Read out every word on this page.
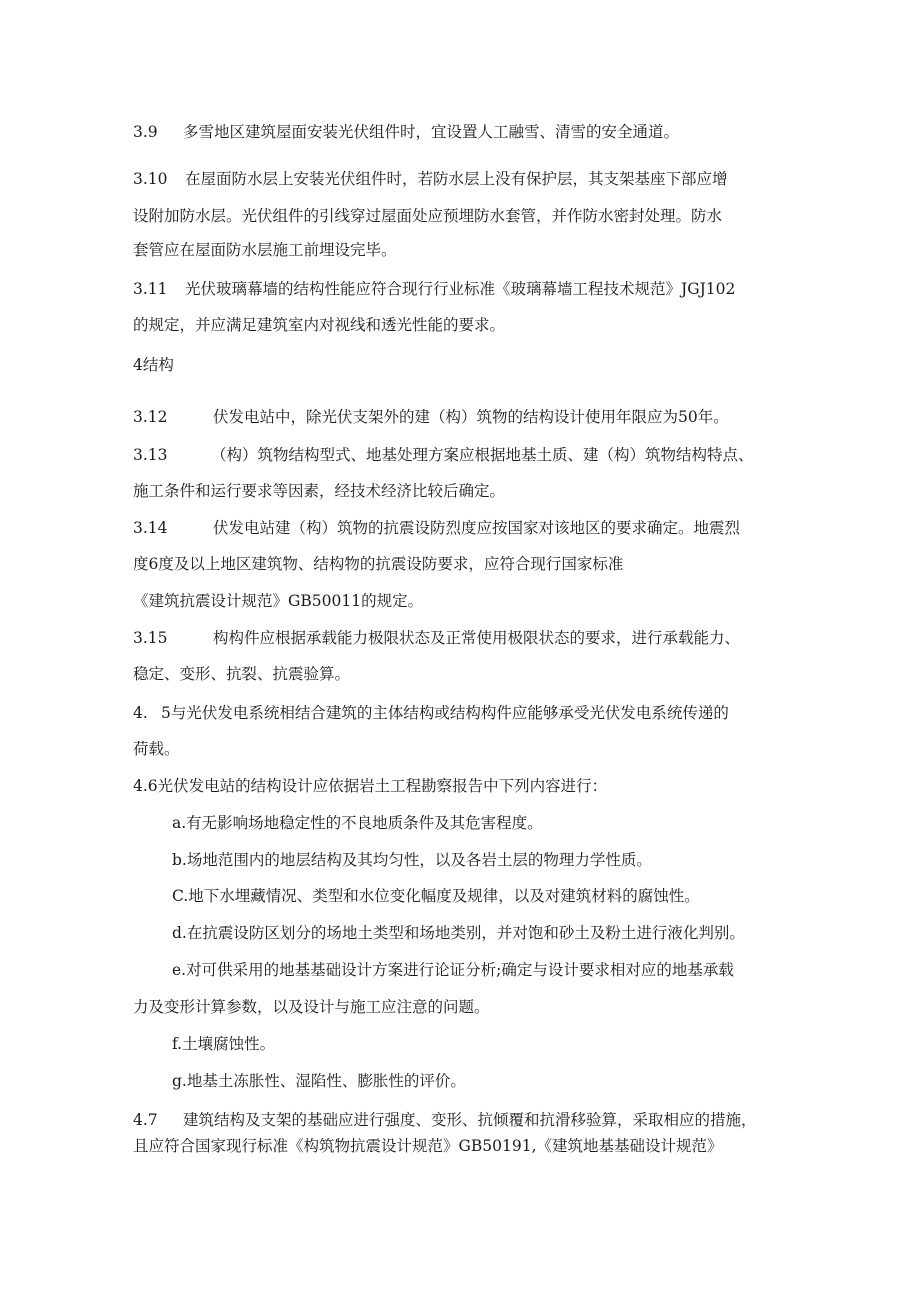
3.9 多雪地区建筑屋面安装光伏组件时，宜设置人工融雪、清雪的安全通道。
3.10 在屋面防水层上安装光伏组件时，若防水层上没有保护层，其支架基座下部应增
设附加防水层。光伏组件的引线穿过屋面处应预埋防水套管，并作防水密封处理。防水
套管应在屋面防水层施工前埋设完毕。
3.11 光伏玻璃幕墙的结构性能应符合现行行业标准《玻璃幕墙工程技术规范》JGJ102
的规定，并应满足建筑室内对视线和透光性能的要求。
4结构
3.12	伏发电站中，除光伏支架外的建（构）筑物的结构设计使用年限应为50年。
3.13	（构）筑物结构型式、地基处理方案应根据地基土质、建（构）筑物结构特点、
施工条件和运行要求等因素，经技术经济比较后确定。
3.14	伏发电站建（构）筑物的抗震设防烈度应按国家对该地区的要求确定。地震烈
度6度及以上地区建筑物、结构物的抗震设防要求，应符合现行国家标准
《建筑抗震设计规范》GB50011的规定。
3.15	构构件应根据承载能力极限状态及正常使用极限状态的要求，进行承载能力、
稳定、变形、抗裂、抗震验算。
4. 5与光伏发电系统相结合建筑的主体结构或结构构件应能够承受光伏发电系统传递的
荷载。
4.6光伏发电站的结构设计应依据岩土工程勘察报告中下列内容进行：
a.有无影响场地稳定性的不良地质条件及其危害程度。
b.场地范围内的地层结构及其均匀性，以及各岩土层的物理力学性质。
C.地下水埋藏情况、类型和水位变化幅度及规律，以及对建筑材料的腐蚀性。
d.在抗震设防区划分的场地土类型和场地类别，并对饱和砂土及粉土进行液化判别。
e.对可供采用的地基基础设计方案进行论证分析;确定与设计要求相对应的地基承载
力及变形计算参数，以及设计与施工应注意的问题。
f.土壤腐蚀性。
g.地基土冻胀性、湿陷性、膨胀性的评价。
4.7 建筑结构及支架的基础应进行强度、变形、抗倾覆和抗滑移验算，采取相应的措施，
且应符合国家现行标准《构筑物抗震设计规范》GB50191,《建筑地基基础设计规范》
